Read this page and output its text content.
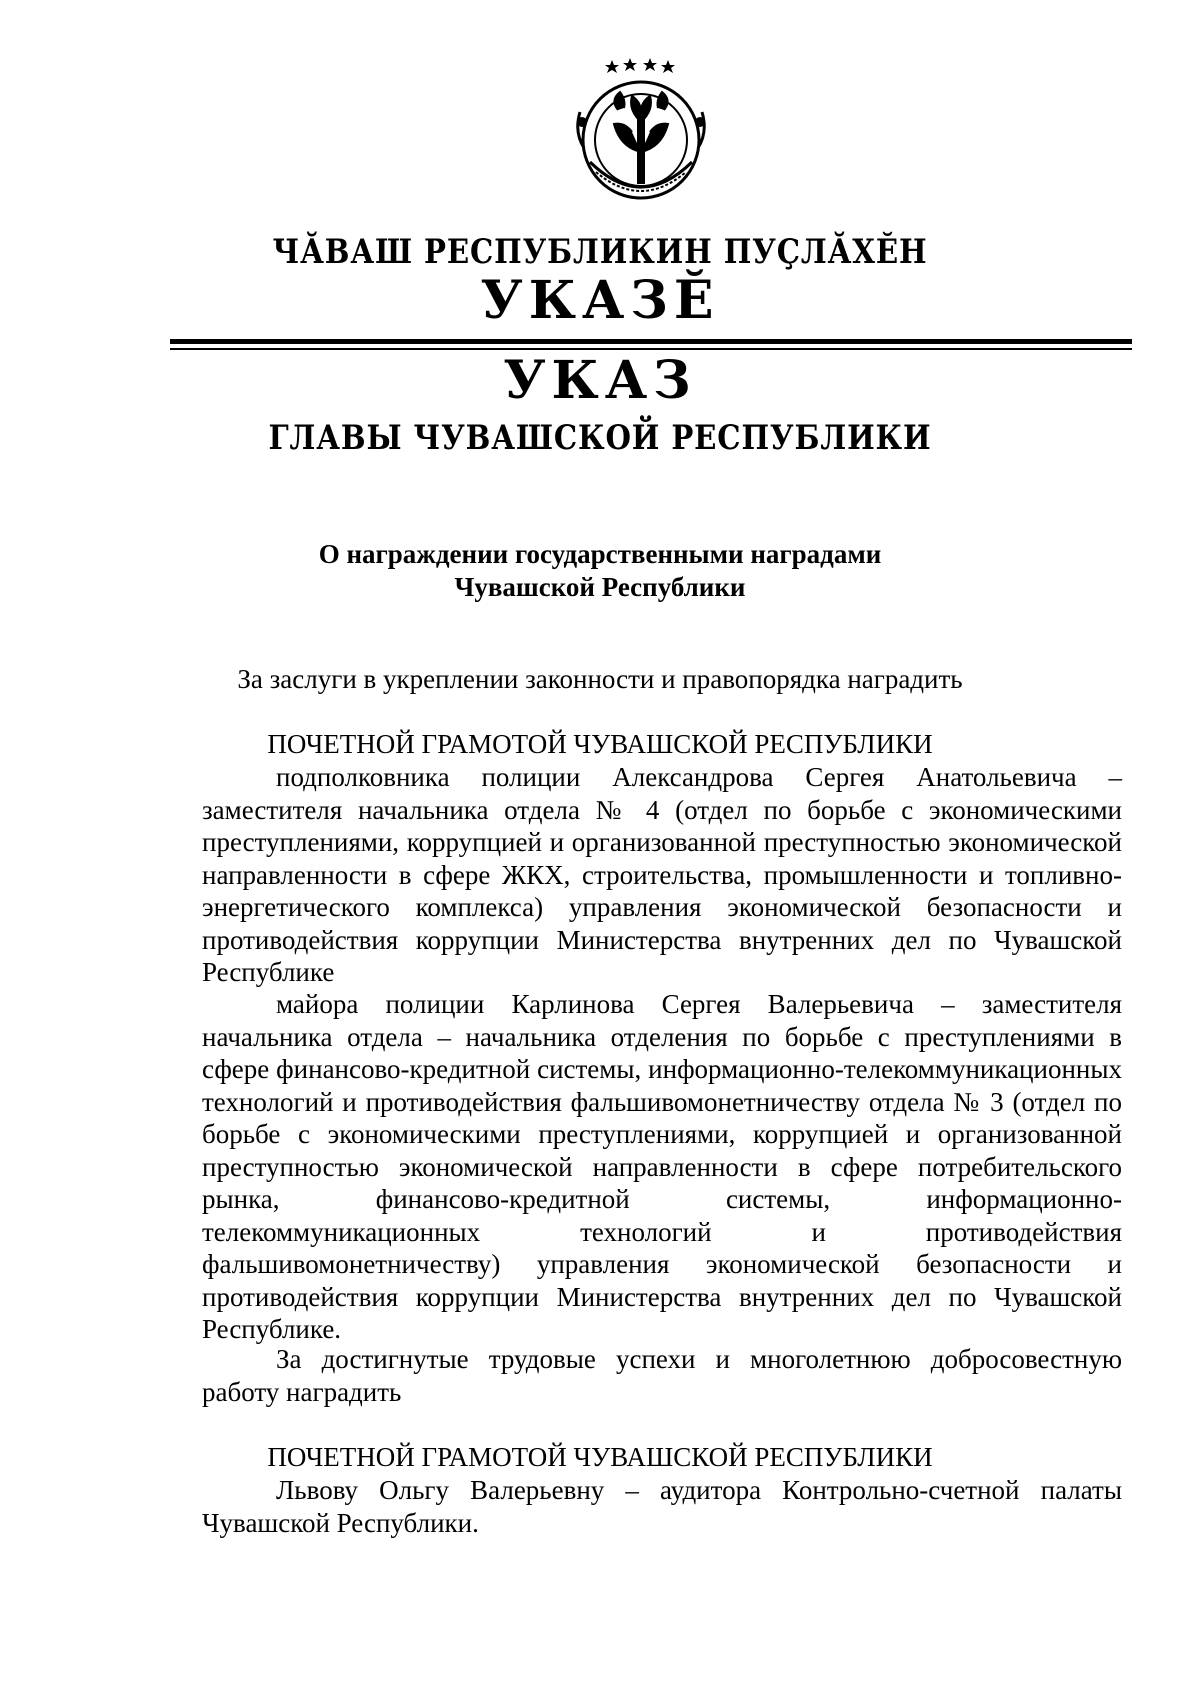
ЧӐВАШ РЕСПУБЛИКИН ПУҪЛӐХӖН
УКАЗӖ
УКАЗ
ГЛАВЫ ЧУВАШСКОЙ РЕСПУБЛИКИ
О награждении государственными наградами
Чувашской Республики
За заслуги в укреплении законности и правопорядка наградить
ПОЧЕТНОЙ ГРАМОТОЙ ЧУВАШСКОЙ РЕСПУБЛИКИ
подполковника полиции Александрова Сергея Анатольевича – заместителя начальника отдела № 4 (отдел по борьбе с экономическими преступлениями, коррупцией и организованной преступностью экономической направленности в сфере ЖКХ, строительства, промышленности и топливно-энергетического комплекса) управления экономической безопасности и противодействия коррупции Министерства внутренних дел по Чувашской Республике
майора полиции Карлинова Сергея Валерьевича – заместителя начальника отдела – начальника отделения по борьбе с преступлениями в сфере финансово-кредитной системы, информационно-телекоммуникационных технологий и противодействия фальшивомонетничеству отдела № 3 (отдел по борьбе с экономическими преступлениями, коррупцией и организованной преступностью экономической направленности в сфере потребительского рынка, финансово-кредитной системы, информационно-телекоммуникационных технологий и противодействия фальшивомонетничеству) управления экономической безопасности и противодействия коррупции Министерства внутренних дел по Чувашской Республике.
За достигнутые трудовые успехи и многолетнюю добросовестную работу наградить
ПОЧЕТНОЙ ГРАМОТОЙ ЧУВАШСКОЙ РЕСПУБЛИКИ
Львову Ольгу Валерьевну – аудитора Контрольно-счетной палаты Чувашской Республики.
